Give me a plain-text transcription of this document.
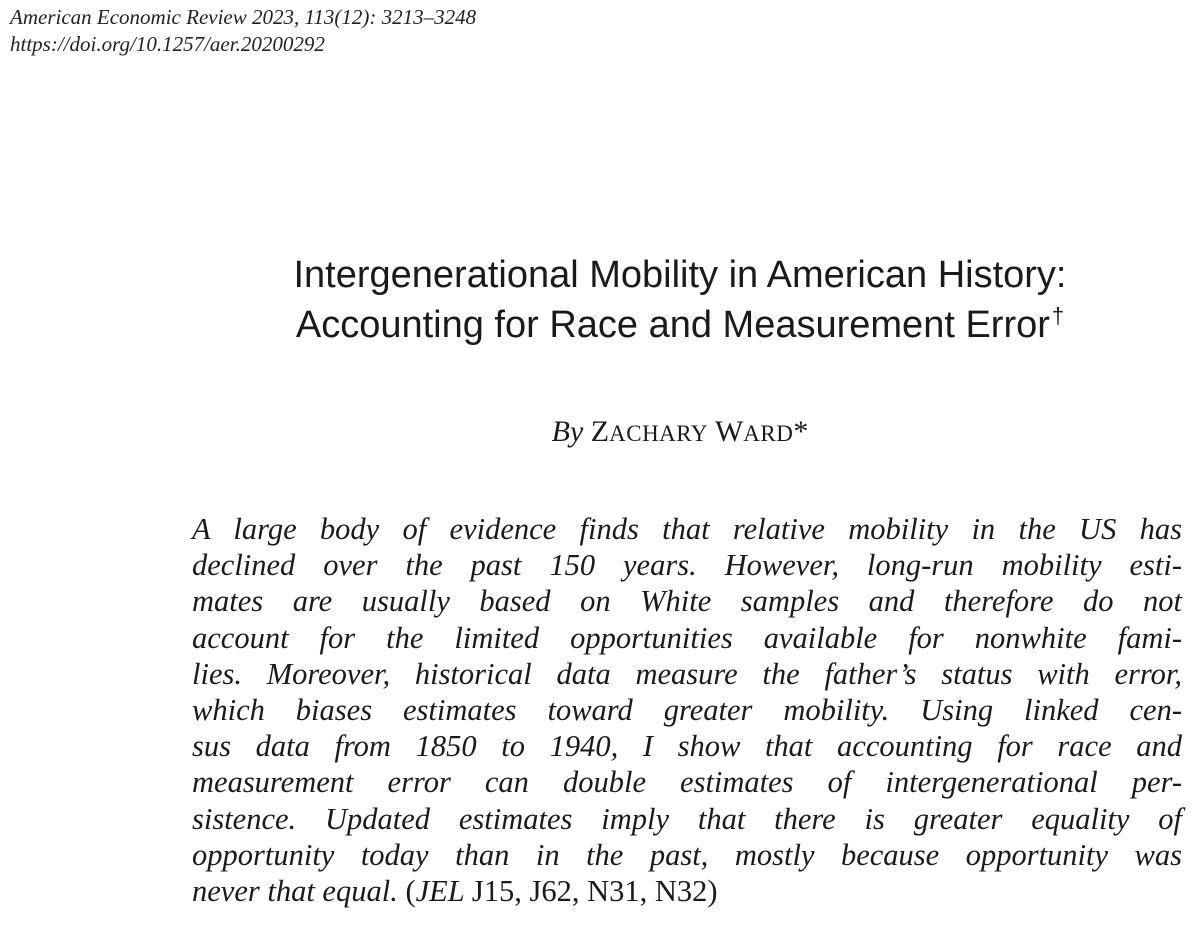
American Economic Review 2023, 113(12): 3213–3248
https://doi.org/10.1257/aer.20200292
Intergenerational Mobility in American History:
Accounting for Race and Measurement Error†
By ZACHARY WARD*
A large body of evidence finds that relative mobility in the US has
declined over the past 150 years. However, long-run mobility esti-
mates are usually based on White samples and therefore do not
account for the limited opportunities available for nonwhite fami-
lies. Moreover, historical data measure the father’s status with error,
which biases estimates toward greater mobility. Using linked cen-
sus data from 1850 to 1940, I show that accounting for race and
measurement error can double estimates of intergenerational per-
sistence. Updated estimates imply that there is greater equality of
opportunity today than in the past, mostly because opportunity was
never that equal. (JEL J15, J62, N31, N32)
